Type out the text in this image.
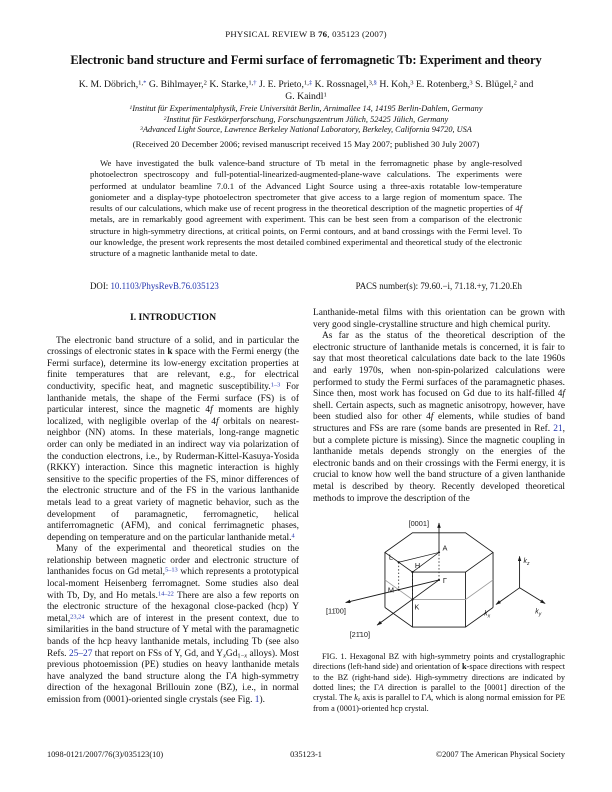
PHYSICAL REVIEW B 76, 035123 (2007)
Electronic band structure and Fermi surface of ferromagnetic Tb: Experiment and theory
K. M. Döbrich,$^{1,*}$ G. Bihlmayer,$^2$ K. Starke,$^{1,\dagger}$ J. E. Prieto,$^{1,\ddagger}$ K. Rossnagel,$^{3,\S}$ H. Koh,$^3$ E. Rotenberg,$^3$ S. Blügel,$^2$ and
G. Kaindl$^1$
$^1$Institut für Experimentalphysik, Freie Universität Berlin, Arnimallee 14, 14195 Berlin-Dahlem, Germany
$^2$Institut für Festkörperforschung, Forschungszentrum Jülich, 52425 Jülich, Germany
$^3$Advanced Light Source, Lawrence Berkeley National Laboratory, Berkeley, California 94720, USA
(Received 20 December 2006; revised manuscript received 15 May 2007; published 30 July 2007)

We have investigated the bulk valence-band structure of Tb metal in the ferromagnetic phase by angle-resolved photoelectron spectroscopy and full-potential-linearized-augmented-plane-wave calculations. The experiments were performed at undulator beamline 7.0.1 of the Advanced Light Source using a three-axis rotatable low-temperature goniometer and a display-type photoelectron spectrometer that give access to a large region of momentum space. The results of our calculations, which make use of recent progress in the theoretical description of the magnetic properties of 4f metals, are in remarkably good agreement with experiment. This can be best seen from a comparison of the electronic structure in high-symmetry directions, at critical points, on Fermi contours, and at band crossings with the Fermi level. To our knowledge, the present work represents the most detailed combined experimental and theoretical study of the electronic structure of a magnetic lanthanide metal to date.

DOI: 10.1103/PhysRevB.76.035123	PACS number(s): 79.60.−i, 71.18.+y, 71.20.Eh
I. INTRODUCTION

The electronic band structure of a solid, and in particular the crossings of electronic states in k space with the Fermi energy (the Fermi surface), determine its low-energy excitation properties at finite temperatures that are relevant, e.g., for electrical conductivity, specific heat, and magnetic susceptibility.$^{1-3}$ For lanthanide metals, the shape of the Fermi surface (FS) is of particular interest, since the magnetic 4f moments are highly localized, with negligible overlap of the 4f orbitals on nearest-neighbor (NN) atoms. In these materials, long-range magnetic order can only be mediated in an indirect way via polarization of the conduction electrons, i.e., by Ruderman-Kittel-Kasuya-Yosida (RKKY) interaction. Since this magnetic interaction is highly sensitive to the specific properties of the FS, minor differences of the electronic structure and of the FS in the various lanthanide metals lead to a great variety of magnetic behavior, such as the development of paramagnetic, ferromagnetic, helical antiferromagnetic (AFM), and conical ferrimagnetic phases, depending on temperature and on the particular lanthanide metal.$^4$

Many of the experimental and theoretical studies on the relationship between magnetic order and electronic structure of lanthanides focus on Gd metal,$^{5-13}$ which represents a prototypical local-moment Heisenberg ferromagnet. Some studies also deal with Tb, Dy, and Ho metals.$^{14-22}$ There are also a few reports on the electronic structure of the hexagonal close-packed (hcp) Y metal,$^{23,24}$ which are of interest in the present context, due to similarities in the band structure of Y metal with the paramagnetic bands of the hcp heavy lanthanide metals, including Tb (see also Refs. 25–27 that report on FSs of Y, Gd, and YxGd1−x alloys). Most previous photoemission (PE) studies on heavy lanthanide metals have analyzed the band structure along the ΓA high-symmetry direction of the hexagonal Brillouin zone (BZ), i.e., in normal emission from (0001)-oriented single crystals (see Fig. 1).

Lanthanide-metal films with this orientation can be grown with very good single-crystalline structure and high chemical purity.

As far as the status of the theoretical description of the electronic structure of lanthanide metals is concerned, it is fair to say that most theoretical calculations date back to the late 1960s and early 1970s, when non-spin-polarized calculations were performed to study the Fermi surfaces of the paramagnetic phases. Since then, most work has focused on Gd due to its half-filled 4f shell. Certain aspects, such as magnetic anisotropy, however, have been studied also for other 4f elements, while studies of band structures and FSs are rare (some bands are presented in Ref. 21, but a complete picture is missing). Since the magnetic coupling in lanthanide metals depends strongly on the energies of the electronic bands and on their crossings with the Fermi energy, it is crucial to know how well the band structure of a given lanthanide metal is described by theory. Recently developed theoretical methods to improve the description of the

A
L
H
Γ
M
K
[0001]
[11̄00]
[21̄10]
$k_z$
$k_y$
$k_x$
FIG. 1. Hexagonal BZ with high-symmetry points and crystallographic directions (left-hand side) and orientation of k-space directions with respect to the BZ (right-hand side). High-symmetry directions are indicated by dotted lines; the ΓA direction is parallel to the [0001] direction of the crystal. The kz axis is parallel to ΓA, which is along normal emission for PE from a (0001)-oriented hcp crystal.
1098-0121/2007/76(3)/035123(10)	035123-1	©2007 The American Physical Society
